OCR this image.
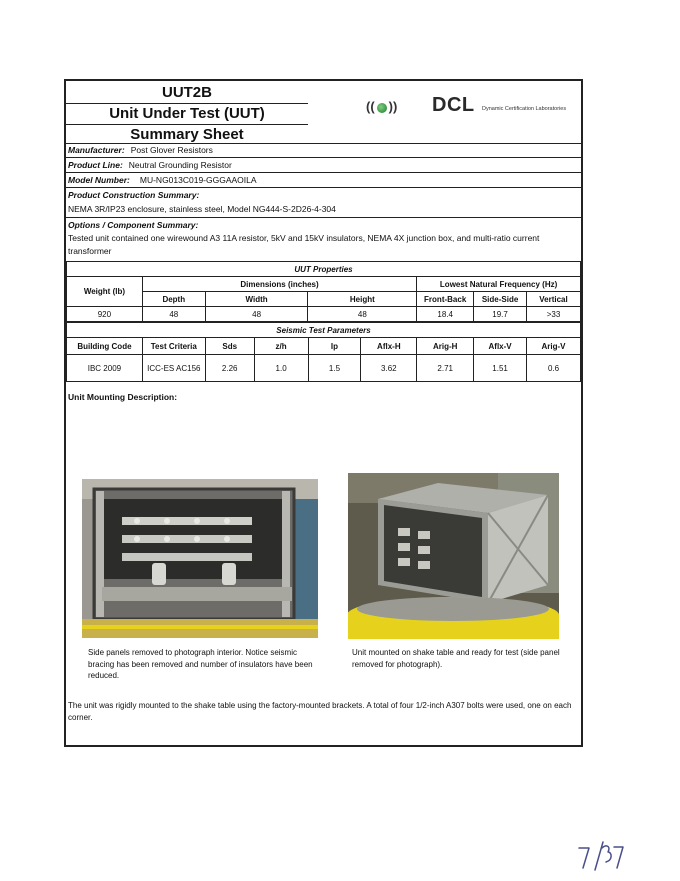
UUT2B
Unit Under Test (UUT)
Summary Sheet
(( )) DCL Dynamic Certification Laboratories
Manufacturer: Post Glover Resistors
Product Line: Neutral Grounding Resistor
Model Number: MU-NG013C019-GGGAAOILA
Product Construction Summary:
NEMA 3R/IP23 enclosure, stainless steel, Model NG444-S-2D26-4-304
Options / Component Summary:
Tested unit contained one wirewound A3 11A resistor, 5kV and 15kV insulators, NEMA 4X junction box, and multi-ratio current transformer
UUT Properties						
Weight (lb)	Dimensions (inches)			Lowest Natural Frequency (Hz)		
	Depth	Width	Height	Front-Back	Side-Side	Vertical
920	48	48	48	18.4	19.7	>33
Seismic Test Parameters								
Building Code	Test Criteria	Sds	z/h	Ip	Aflx-H	Arig-H	Aflx-V	Arig-V
IBC 2009	ICC-ES AC156	2.26	1.0	1.5	3.62	2.71	1.51	0.6
Unit Mounting Description:
Side panels removed to photograph interior. Notice seismic bracing has been removed and number of insulators have been reduced.
Unit mounted on shake table and ready for test (side panel removed for photograph).
The unit was rigidly mounted to the shake table using the factory-mounted brackets. A total of four 1/2-inch A307 bolts were used, one on each corner.
